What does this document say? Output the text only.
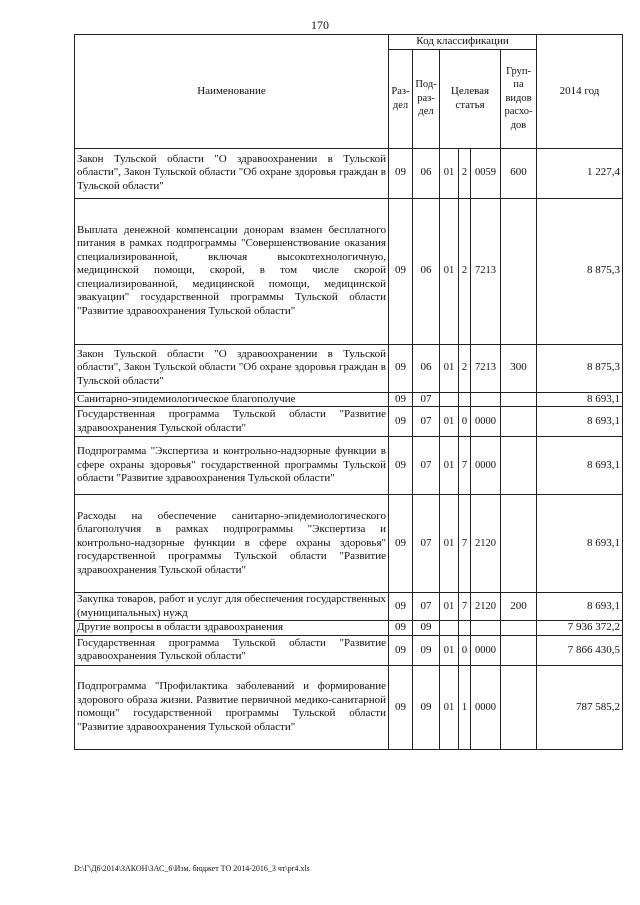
170
Наименование	Код классификации						2014 год
	Раз- дел	Под- раз- дел	Целевая статья			Груп- па видов расхо- дов	
Закон Тульской области "О здравоохранении в Тульской области", Закон Тульской области "Об охране здоровья граждан в Тульской области"	09	06	01	2	0059	600	1 227,4
Выплата денежной компенсации донорам взамен бесплатного питания в рамках подпрограммы "Совершенствование оказания специализированной, включая высокотехнологичную, медицинской помощи, скорой, в том числе скорой специализированной, медицинской помощи, медицинской эвакуации" государственной программы Тульской области "Развитие здравоохранения Тульской области"	09	06	01	2	7213		8 875,3
Закон Тульской области "О здравоохранении в Тульской области", Закон Тульской области "Об охране здоровья граждан в Тульской области"	09	06	01	2	7213	300	8 875,3
Санитарно-эпидемиологическое благополучие	09	07					8 693,1
Государственная программа Тульской области "Развитие здравоохранения Тульской области"	09	07	01	0	0000		8 693,1
Подпрограмма "Экспертиза и контрольно-надзорные функции в сфере охраны здоровья" государственной программы Тульской области "Развитие здравоохранения Тульской области"	09	07	01	7	0000		8 693,1
Расходы на обеспечение санитарно-эпидемиологического благополучия в рамках подпрограммы "Экспертиза и контрольно-надзорные функции в сфере охраны здоровья" государственной программы Тульской области "Развитие здравоохранения Тульской области"	09	07	01	7	2120		8 693,1
Закупка товаров, работ и услуг для обеспечения государственных (муниципальных) нужд	09	07	01	7	2120	200	8 693,1
Другие вопросы в области здравоохранения	09	09					7 936 372,2
Государственная программа Тульской области "Развитие здравоохранения Тульской области"	09	09	01	0	0000		7 866 430,5
Подпрограмма "Профилактика заболеваний и формирование здорового образа жизни. Развитие первичной медико-санитарной помощи" государственной программы Тульской области "Развитие здравоохранения Тульской области"	09	09	01	1	0000		787 585,2
D:\Г\Д6\2014\ЗАКОН\ЗАС_6\Изм. бюджет ТО 2014-2016_3 чт\рr4.xls
